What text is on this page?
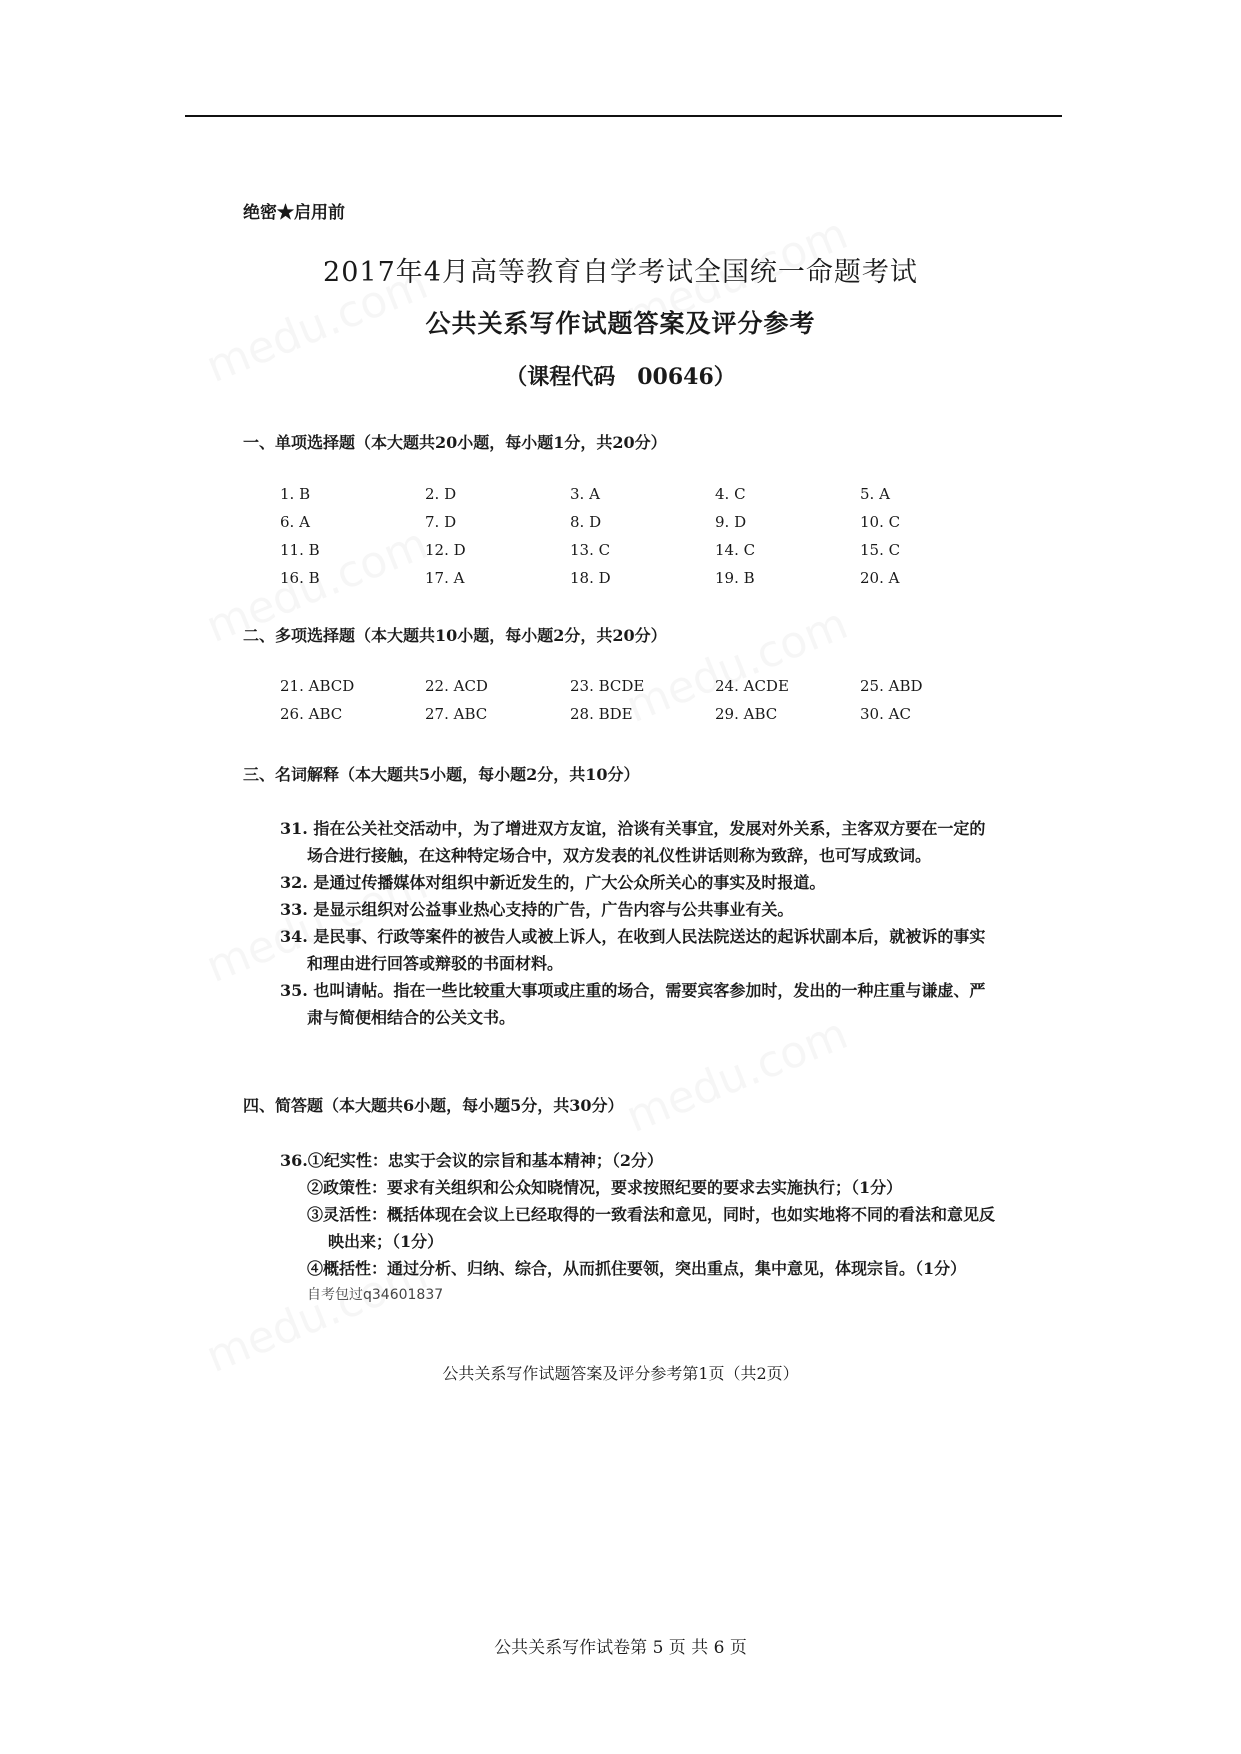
绝密★启用前
2017年4月高等教育自学考试全国统一命题考试
公共关系写作试题答案及评分参考
（课程代码　00646）
一、单项选择题（本大题共20小题，每小题1分，共20分）
1. B	2. D	3. A	4. C	5. A
6. A	7. D	8. D	9. D	10. C
11. B	12. D	13. C	14. C	15. C
16. B	17. A	18. D	19. B	20. A
二、多项选择题（本大题共10小题，每小题2分，共20分）
21. ABCD	22. ACD	23. BCDE	24. ACDE	25. ABD
26. ABC	27. ABC	28. BDE	29. ABC	30. AC
三、名词解释（本大题共5小题，每小题2分，共10分）
31. 指在公关社交活动中，为了增进双方友谊，洽谈有关事宜，发展对外关系，主客双方要在一定的场合进行接触，在这种特定场合中，双方发表的礼仪性讲话则称为致辞，也可写成致词。
32. 是通过传播媒体对组织中新近发生的，广大公众所关心的事实及时报道。
33. 是显示组织对公益事业热心支持的广告，广告内容与公共事业有关。
34. 是民事、行政等案件的被告人或被上诉人，在收到人民法院送达的起诉状副本后，就被诉的事实和理由进行回答或辩驳的书面材料。
35. 也叫请帖。指在一些比较重大事项或庄重的场合，需要宾客参加时，发出的一种庄重与谦虚、严肃与简便相结合的公关文书。
四、简答题（本大题共6小题，每小题5分，共30分）
36.①纪实性：忠实于会议的宗旨和基本精神；（2分）
②政策性：要求有关组织和公众知晓情况，要求按照纪要的要求去实施执行；（1分）
③灵活性：概括体现在会议上已经取得的一致看法和意见，同时，也如实地将不同的看法和意见反映出来；（1分）
④概括性：通过分析、归纳、综合，从而抓住要领，突出重点，集中意见，体现宗旨。（1分）
自考包过q34601837
公共关系写作试题答案及评分参考第1页（共2页）
公共关系写作试卷第 5 页 共 6 页
